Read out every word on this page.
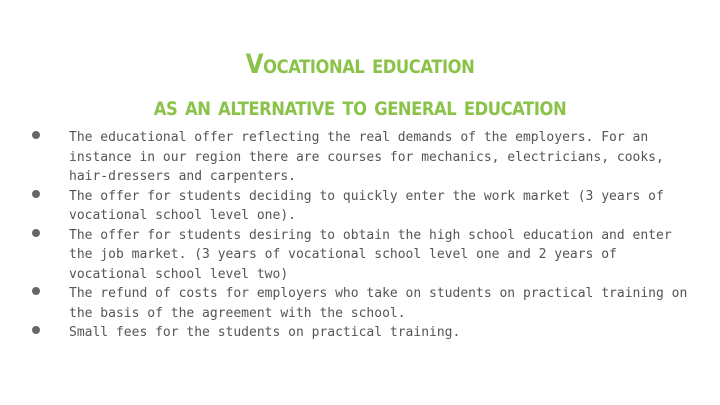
Vocational education
as an alternative to general education
The educational offer reflecting the real demands of the employers. For an instance in our region there are courses for mechanics, electricians, cooks, hair-dressers and carpenters.
The offer for students deciding to quickly enter the work market (3 years of vocational school level one).
The offer for students desiring to obtain the high school education and enter the job market. (3 years of vocational school level one and 2 years of vocational school level two)
The refund of costs for employers who take on students on practical training on the basis of the agreement with the school.
Small fees for the students on practical training.
